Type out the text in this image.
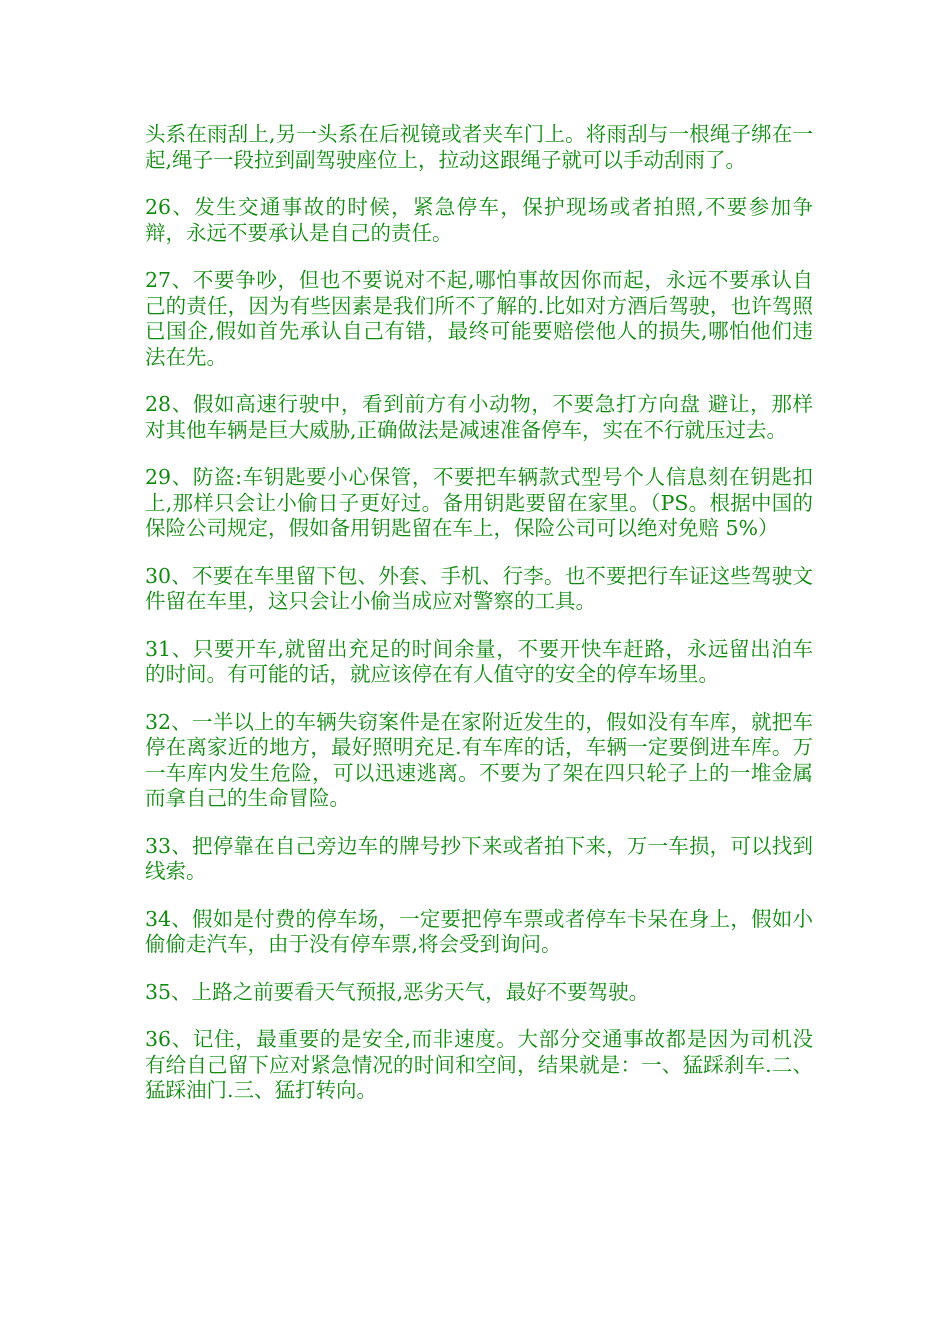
头系在雨刮上,另一头系在后视镜或者夹车门上。将雨刮与一根绳子绑在一起,绳子一段拉到副驾驶座位上，拉动这跟绳子就可以手动刮雨了。

26、发生交通事故的时候，紧急停车，保护现场或者拍照,不要参加争辩，永远不要承认是自己的责任。

27、不要争吵，但也不要说对不起,哪怕事故因你而起，永远不要承认自己的责任，因为有些因素是我们所不了解的.比如对方酒后驾驶，也许驾照已国企,假如首先承认自己有错，最终可能要赔偿他人的损失,哪怕他们违法在先。

28、假如高速行驶中，看到前方有小动物，不要急打方向盘 避让，那样对其他车辆是巨大威胁,正确做法是减速准备停车，实在不行就压过去。

29、防盗:车钥匙要小心保管，不要把车辆款式型号个人信息刻在钥匙扣上,那样只会让小偷日子更好过。备用钥匙要留在家里。（PS。根据中国的保险公司规定，假如备用钥匙留在车上，保险公司可以绝对免赔 5%）

30、不要在车里留下包、外套、手机、行李。也不要把行车证这些驾驶文件留在车里，这只会让小偷当成应对警察的工具。

31、只要开车,就留出充足的时间余量，不要开快车赶路，永远留出泊车的时间。有可能的话，就应该停在有人值守的安全的停车场里。

32、一半以上的车辆失窃案件是在家附近发生的，假如没有车库，就把车停在离家近的地方，最好照明充足.有车库的话，车辆一定要倒进车库。万一车库内发生危险，可以迅速逃离。不要为了架在四只轮子上的一堆金属而拿自己的生命冒险。

33、把停靠在自己旁边车的牌号抄下来或者拍下来，万一车损，可以找到线索。

34、假如是付费的停车场，一定要把停车票或者停车卡呆在身上，假如小偷偷走汽车，由于没有停车票,将会受到询问。

35、上路之前要看天气预报,恶劣天气，最好不要驾驶。

36、记住，最重要的是安全,而非速度。大部分交通事故都是因为司机没有给自己留下应对紧急情况的时间和空间，结果就是：一、猛踩刹车.二、猛踩油门.三、猛打转向。
